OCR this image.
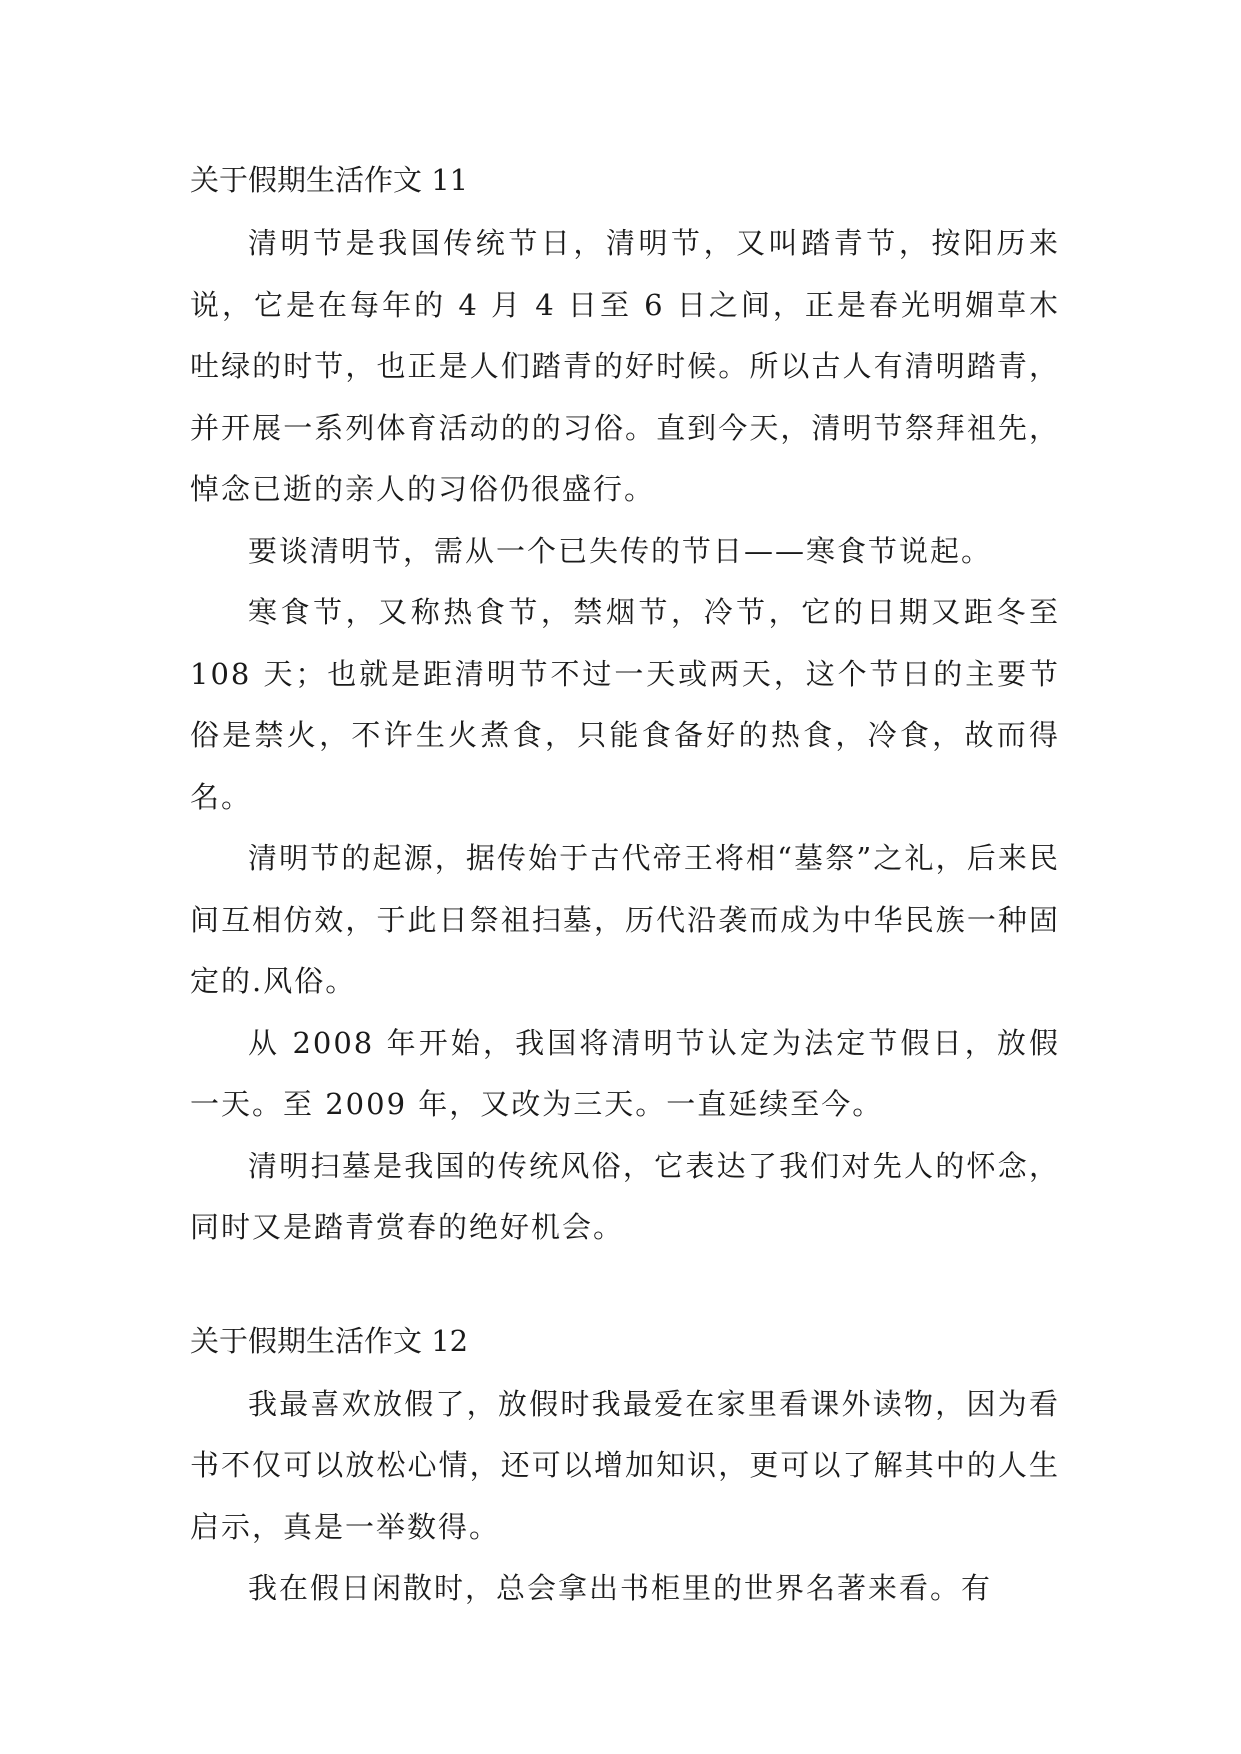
关于假期生活作文 11

清明节是我国传统节日，清明节，又叫踏青节，按阳历来说，它是在每年的 4 月 4 日至 6 日之间，正是春光明媚草木吐绿的时节，也正是人们踏青的好时候。所以古人有清明踏青，并开展一系列体育活动的的习俗。直到今天，清明节祭拜祖先，悼念已逝的亲人的习俗仍很盛行。

要谈清明节，需从一个已失传的节日——寒食节说起。

寒食节，又称热食节，禁烟节，冷节，它的日期又距冬至 108 天；也就是距清明节不过一天或两天，这个节日的主要节俗是禁火，不许生火煮食，只能食备好的热食，冷食，故而得名。

清明节的起源，据传始于古代帝王将相“墓祭”之礼，后来民间互相仿效，于此日祭祖扫墓，历代沿袭而成为中华民族一种固定的.风俗。

从 2008 年开始，我国将清明节认定为法定节假日，放假一天。至 2009 年，又改为三天。一直延续至今。

清明扫墓是我国的传统风俗，它表达了我们对先人的怀念，同时又是踏青赏春的绝好机会。

关于假期生活作文 12

我最喜欢放假了，放假时我最爱在家里看课外读物，因为看书不仅可以放松心情，还可以增加知识，更可以了解其中的人生启示，真是一举数得。

我在假日闲散时，总会拿出书柜里的世界名著来看。有
